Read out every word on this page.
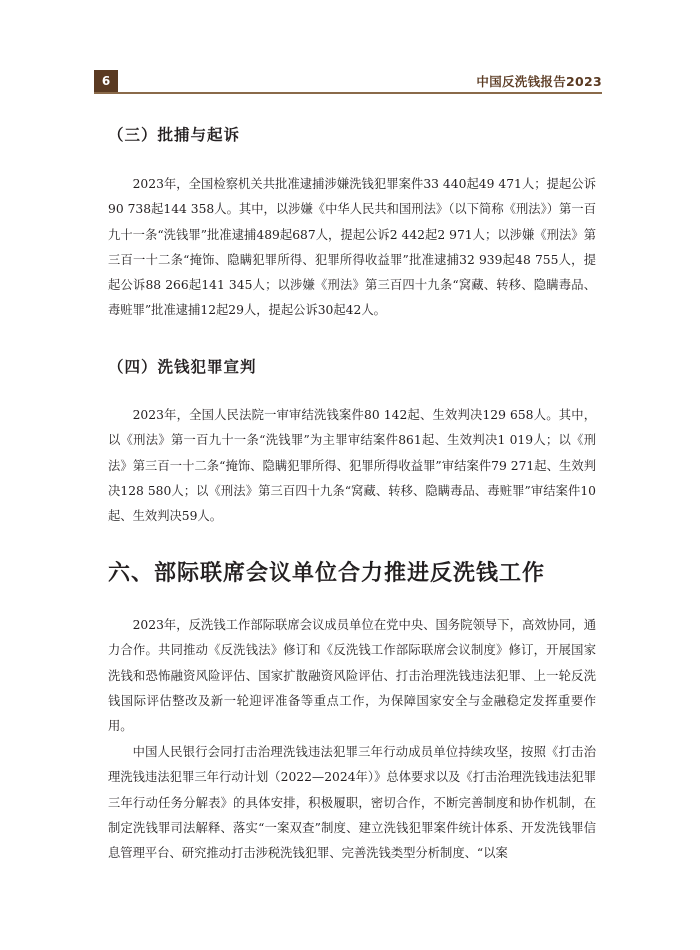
6	中国反洗钱报告2023
（三）批捕与起诉

2023年，全国检察机关共批准逮捕涉嫌洗钱犯罪案件33 440起49 471人；提起公诉90 738起144 358人。其中，以涉嫌《中华人民共和国刑法》（以下简称《刑法》）第一百九十一条“洗钱罪”批准逮捕489起687人，提起公诉2 442起2 971人；以涉嫌《刑法》第三百一十二条“掩饰、隐瞒犯罪所得、犯罪所得收益罪”批准逮捕32 939起48 755人，提起公诉88 266起141 345人；以涉嫌《刑法》第三百四十九条“窝藏、转移、隐瞒毒品、毒赃罪”批准逮捕12起29人，提起公诉30起42人。

（四）洗钱犯罪宣判

2023年，全国人民法院一审审结洗钱案件80 142起、生效判决129 658人。其中，以《刑法》第一百九十一条“洗钱罪”为主罪审结案件861起、生效判决1 019人；以《刑法》第三百一十二条“掩饰、隐瞒犯罪所得、犯罪所得收益罪”审结案件79 271起、生效判决128 580人；以《刑法》第三百四十九条“窝藏、转移、隐瞒毒品、毒赃罪”审结案件10起、生效判决59人。

六、部际联席会议单位合力推进反洗钱工作

2023年，反洗钱工作部际联席会议成员单位在党中央、国务院领导下，高效协同，通力合作。共同推动《反洗钱法》修订和《反洗钱工作部际联席会议制度》修订，开展国家洗钱和恐怖融资风险评估、国家扩散融资风险评估、打击治理洗钱违法犯罪、上一轮反洗钱国际评估整改及新一轮迎评准备等重点工作，为保障国家安全与金融稳定发挥重要作用。

中国人民银行会同打击治理洗钱违法犯罪三年行动成员单位持续攻坚，按照《打击治理洗钱违法犯罪三年行动计划（2022—2024年）》总体要求以及《打击治理洗钱违法犯罪三年行动任务分解表》的具体安排，积极履职，密切合作，不断完善制度和协作机制，在制定洗钱罪司法解释、落实“一案双查”制度、建立洗钱犯罪案件统计体系、开发洗钱罪信息管理平台、研究推动打击涉税洗钱犯罪、完善洗钱类型分析制度、“以案
